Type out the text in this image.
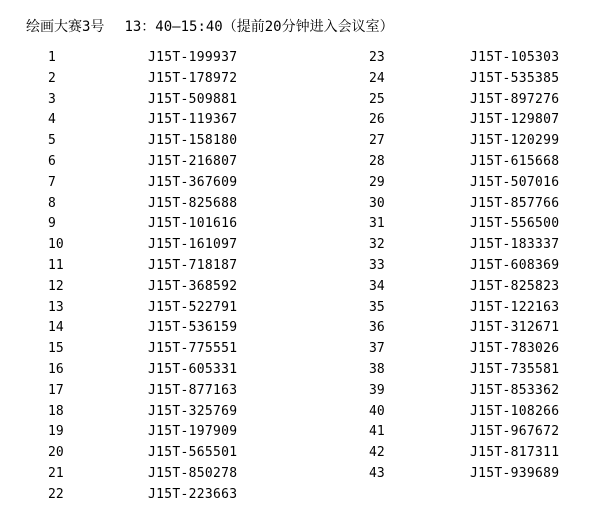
绘画大赛3号 13：40—15:40（提前20分钟进入会议室）
1	J15T-199937
2	J15T-178972
3	J15T-509881
4	J15T-119367
5	J15T-158180
6	J15T-216807
7	J15T-367609
8	J15T-825688
9	J15T-101616
10	J15T-161097
11	J15T-718187
12	J15T-368592
13	J15T-522791
14	J15T-536159
15	J15T-775551
16	J15T-605331
17	J15T-877163
18	J15T-325769
19	J15T-197909
20	J15T-565501
21	J15T-850278
22	J15T-223663
23	J15T-105303
24	J15T-535385
25	J15T-897276
26	J15T-129807
27	J15T-120299
28	J15T-615668
29	J15T-507016
30	J15T-857766
31	J15T-556500
32	J15T-183337
33	J15T-608369
34	J15T-825823
35	J15T-122163
36	J15T-312671
37	J15T-783026
38	J15T-735581
39	J15T-853362
40	J15T-108266
41	J15T-967672
42	J15T-817311
43	J15T-939689
